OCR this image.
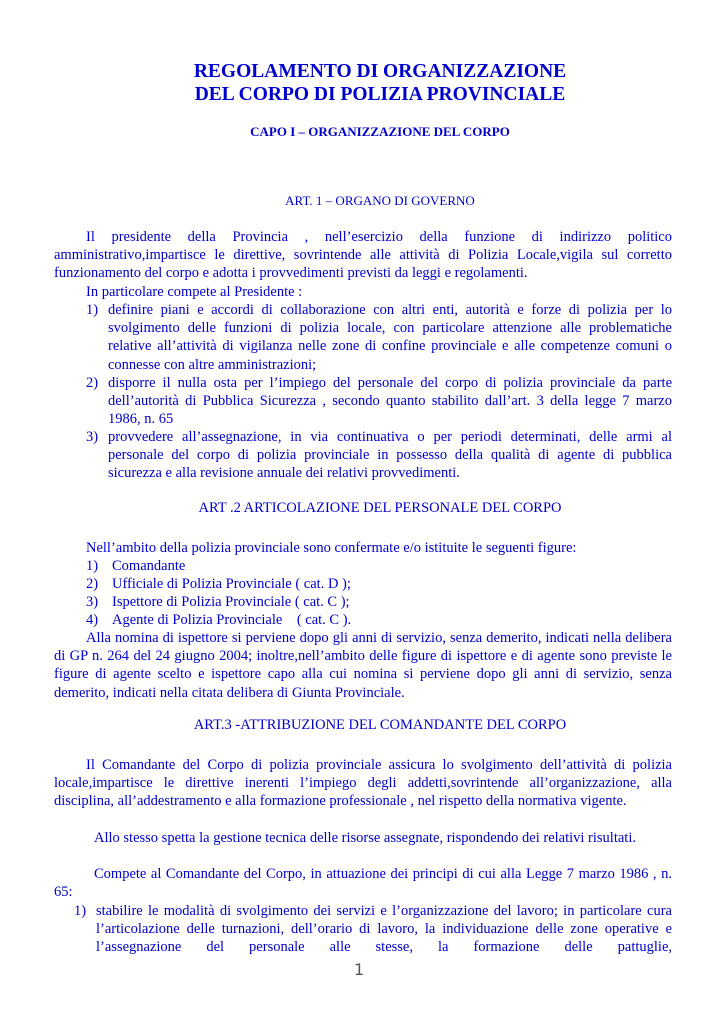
REGOLAMENTO DI ORGANIZZAZIONE
DEL CORPO DI POLIZIA PROVINCIALE
CAPO I – ORGANIZZAZIONE DEL CORPO
ART. 1 – ORGANO DI GOVERNO
Il presidente della Provincia , nell’esercizio della funzione di indirizzo politico amministrativo,impartisce le direttive, sovrintende alle attività di Polizia Locale,vigila sul corretto funzionamento del corpo e adotta i provvedimenti previsti da leggi e regolamenti.
In particolare compete al Presidente :
1) definire piani e accordi di collaborazione con altri enti, autorità e forze di polizia per lo svolgimento delle funzioni di polizia locale, con particolare attenzione alle problematiche relative all’attività di vigilanza nelle zone di confine provinciale e alle competenze comuni o connesse con altre amministrazioni;
2) disporre il nulla osta per l’impiego del personale del corpo di polizia provinciale da parte dell’autorità di Pubblica Sicurezza , secondo quanto stabilito dall’art. 3 della legge 7 marzo 1986, n. 65
3) provvedere all’assegnazione, in via continuativa o per periodi determinati, delle armi al personale del corpo di polizia provinciale in possesso della qualità di agente di pubblica sicurezza e alla revisione annuale dei relativi provvedimenti.
ART .2 ARTICOLAZIONE DEL PERSONALE DEL CORPO
Nell’ambito della polizia provinciale sono confermate e/o istituite le seguenti figure:
1) Comandante
2) Ufficiale di Polizia Provinciale ( cat. D );
3) Ispettore di Polizia Provinciale ( cat. C );
4) Agente di Polizia Provinciale    ( cat. C ).
Alla nomina di ispettore si perviene dopo gli anni di servizio, senza demerito, indicati nella delibera di GP n. 264 del 24 giugno 2004; inoltre,nell’ambito delle figure di ispettore e di agente sono previste le figure di agente scelto e ispettore capo alla cui nomina si perviene dopo gli anni di servizio, senza demerito, indicati nella citata delibera di Giunta Provinciale.
ART.3 -ATTRIBUZIONE DEL COMANDANTE DEL CORPO
Il Comandante del Corpo di polizia provinciale assicura lo svolgimento dell’attività di polizia locale,impartisce le direttive inerenti l’impiego degli addetti,sovrintende all’organizzazione, alla disciplina, all’addestramento e alla formazione professionale , nel rispetto della normativa vigente.
Allo stesso spetta la gestione tecnica delle risorse assegnate, rispondendo dei relativi risultati.
Compete al Comandante del Corpo, in attuazione dei principi di cui alla Legge 7 marzo 1986 , n. 65:
1) stabilire le modalità di svolgimento dei servizi e l’organizzazione del lavoro; in particolare cura l’articolazione delle turnazioni, dell’orario di lavoro, la individuazione delle zone operative e l’assegnazione del personale alle stesse, la formazione delle pattuglie,
1
